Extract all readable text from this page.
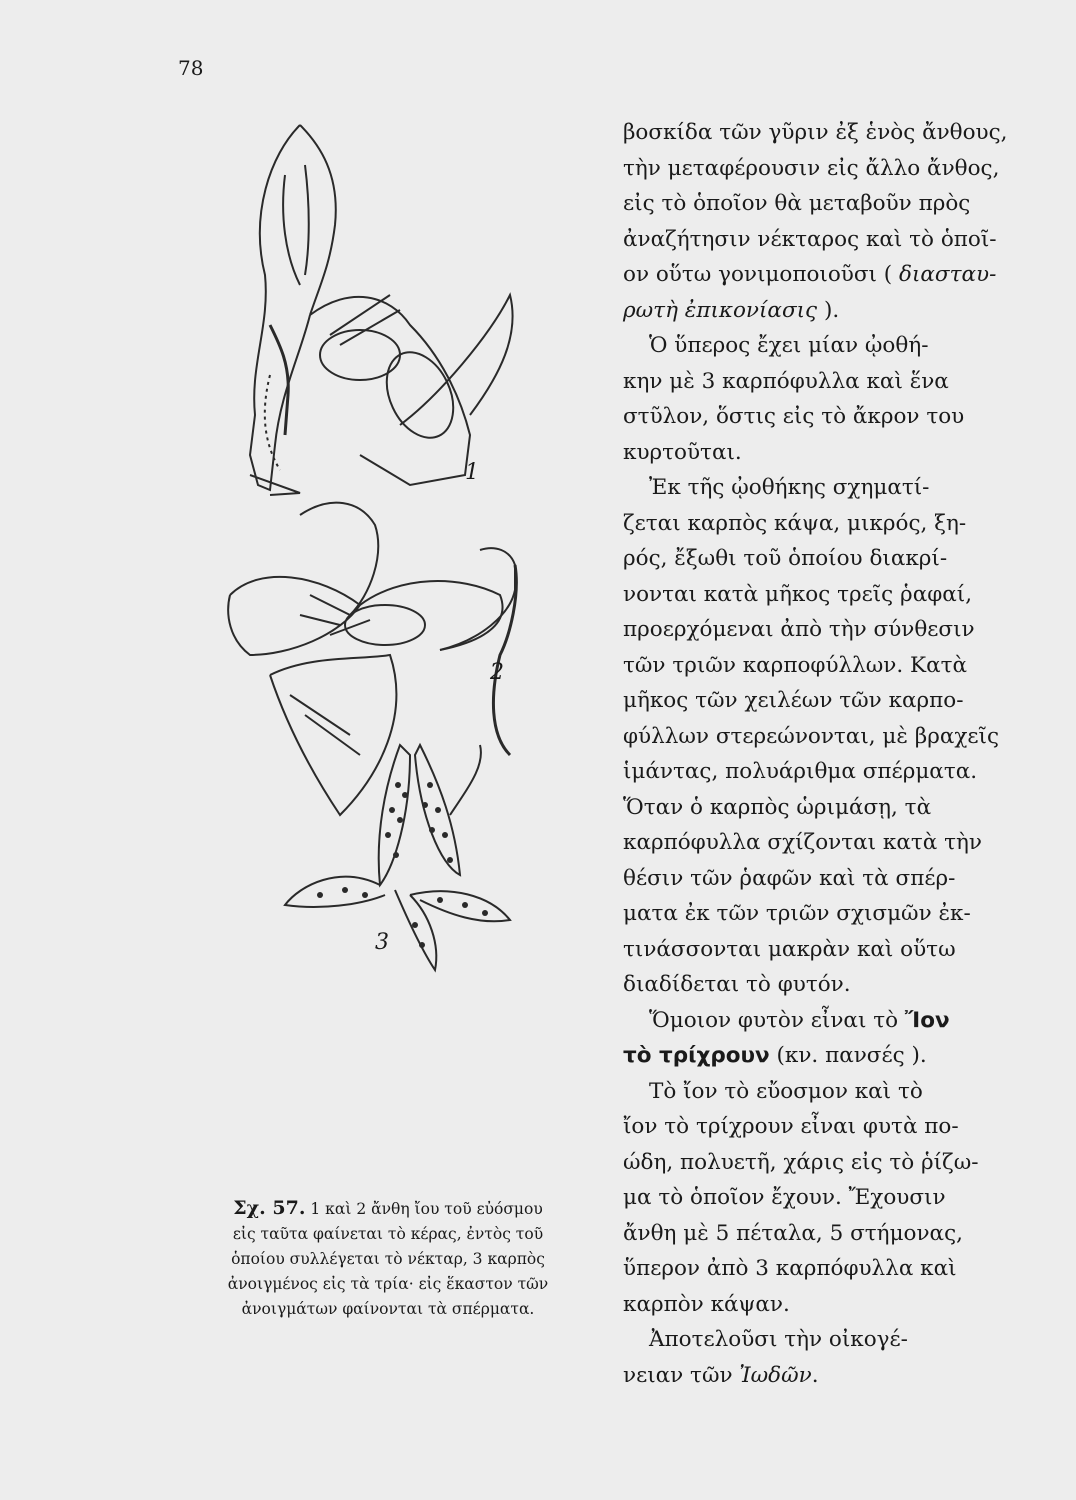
78
1
2
3
Σχ. 57. 1 καὶ 2 ἄνθη ἴου τοῦ εὐόσμου
εἰς ταῦτα φαίνεται τὸ κέρας, ἐντὸς τοῦ
ὁποίου συλλέγεται τὸ νέκταρ, 3 καρπὸς
ἀνοιγμένος εἰς τὰ τρία· εἰς ἕκαστον τῶν
ἀνοιγμάτων φαίνονται τὰ σπέρματα.

βοσκίδα τῶν γῦριν ἐξ ἑνὸς ἄνθους,
τὴν μεταφέρουσιν εἰς ἄλλο ἄνθος,
εἰς τὸ ὁποῖον θὰ μεταβοῦν πρὸς
ἀναζήτησιν νέκταρος καὶ τὸ ὁποῖ-
ον οὕτω γονιμοποιοῦσι ( διασταυ-
ρωτὴ ἐπικονίασις ).

Ὁ ὕπερος ἔχει μίαν ᾠοθή-
κην μὲ 3 καρπόφυλλα καὶ ἕνα
στῦλον, ὅστις εἰς τὸ ἄκρον του
κυρτοῦται.

Ἐκ τῆς ᾠοθήκης σχηματί-
ζεται καρπὸς κάψα, μικρός, ξη-
ρός, ἔξωθι τοῦ ὁποίου διακρί-
νονται κατὰ μῆκος τρεῖς ῥαφαί,
προερχόμεναι ἀπὸ τὴν σύνθεσιν
τῶν τριῶν καρποφύλλων. Κατὰ
μῆκος τῶν χειλέων τῶν καρπο-
φύλλων στερεώνονται, μὲ βραχεῖς
ἱμάντας, πολυάριθμα σπέρματα.
Ὅταν ὁ καρπὸς ὡριμάσῃ, τὰ
καρπόφυλλα σχίζονται κατὰ τὴν
θέσιν τῶν ῥαφῶν καὶ τὰ σπέρ-
ματα ἐκ τῶν τριῶν σχισμῶν ἐκ-
τινάσσονται μακρὰν καὶ οὕτω
διαδίδεται τὸ φυτόν.

Ὅμοιον φυτὸν εἶναι τὸ Ἴον
τὸ τρίχρουν (κν. πανσές ).

Τὸ ἴον τὸ εὔοσμον καὶ τὸ
ἴον τὸ τρίχρουν εἶναι φυτὰ πο-
ώδη, πολυετῆ, χάρις εἰς τὸ ῥίζω-
μα τὸ ὁποῖον ἔχουν. Ἔχουσιν
ἄνθη μὲ 5 πέταλα, 5 στήμονας,
ὕπερον ἀπὸ 3 καρπόφυλλα καὶ
καρπὸν κάψαν.

Ἀποτελοῦσι τὴν οἰκογέ-
νειαν τῶν Ἰωδῶν.
